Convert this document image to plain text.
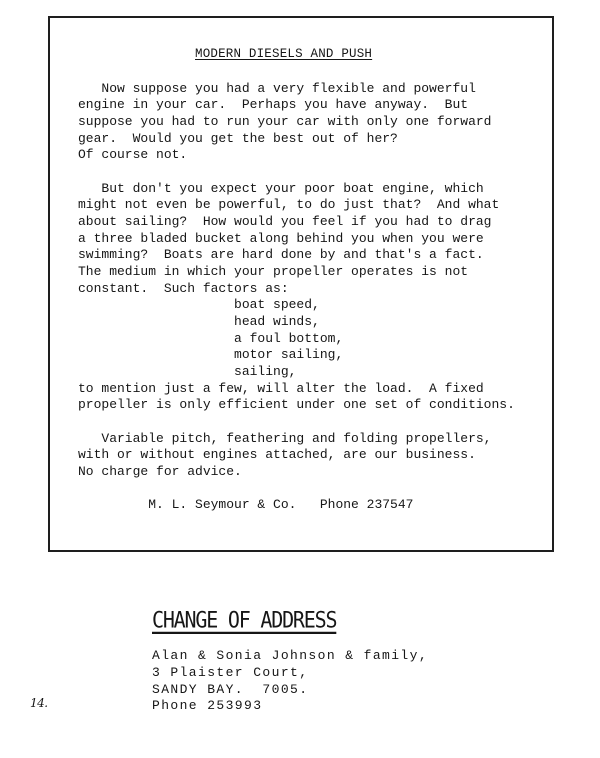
MODERN DIESELS AND PUSH
Now suppose you had a very flexible and powerful
engine in your car.  Perhaps you have anyway.  But
suppose you had to run your car with only one forward
gear.  Would you get the best out of her?
Of course not.
But don't you expect your poor boat engine, which
might not even be powerful, to do just that?  And what
about sailing?  How would you feel if you had to drag
a three bladed bucket along behind you when you were
swimming?  Boats are hard done by and that's a fact.
The medium in which your propeller operates is not
constant.  Such factors as:
boat speed,
head winds,
a foul bottom,
motor sailing,
sailing,
to mention just a few, will alter the load.  A fixed
propeller is only efficient under one set of conditions.
Variable pitch, feathering and folding propellers,
with or without engines attached, are our business.
No charge for advice.
M. L. Seymour & Co.   Phone 237547
CHANGE OF ADDRESS
Alan & Sonia Johnson & family,
3 Plaister Court,
SANDY BAY.  7005.
Phone 253993
14.
